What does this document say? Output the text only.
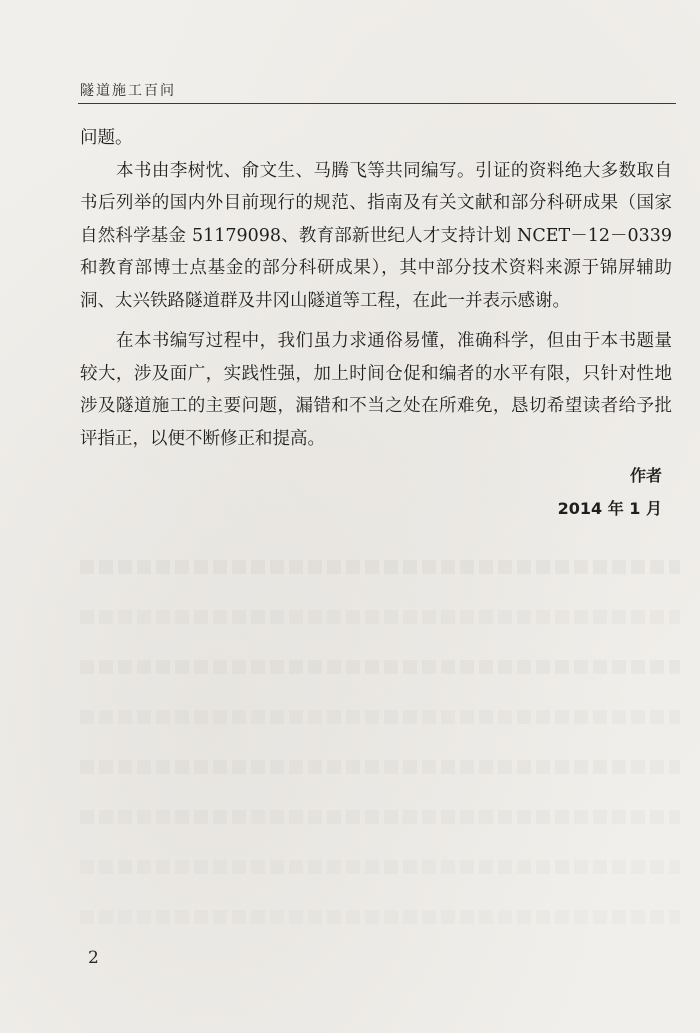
隧道施工百问

问题。

本书由李树忱、俞文生、马腾飞等共同编写。引证的资料绝大多数取自书后列举的国内外目前现行的规范、指南及有关文献和部分科研成果（国家自然科学基金 51179098、教育部新世纪人才支持计划 NCET－12－0339 和教育部博士点基金的部分科研成果），其中部分技术资料来源于锦屏辅助洞、太兴铁路隧道群及井冈山隧道等工程，在此一并表示感谢。

在本书编写过程中，我们虽力求通俗易懂，准确科学，但由于本书题量较大，涉及面广，实践性强，加上时间仓促和编者的水平有限，只针对性地涉及隧道施工的主要问题，漏错和不当之处在所难免，恳切希望读者给予批评指正，以便不断修正和提高。

作者
2014 年 1 月
2
